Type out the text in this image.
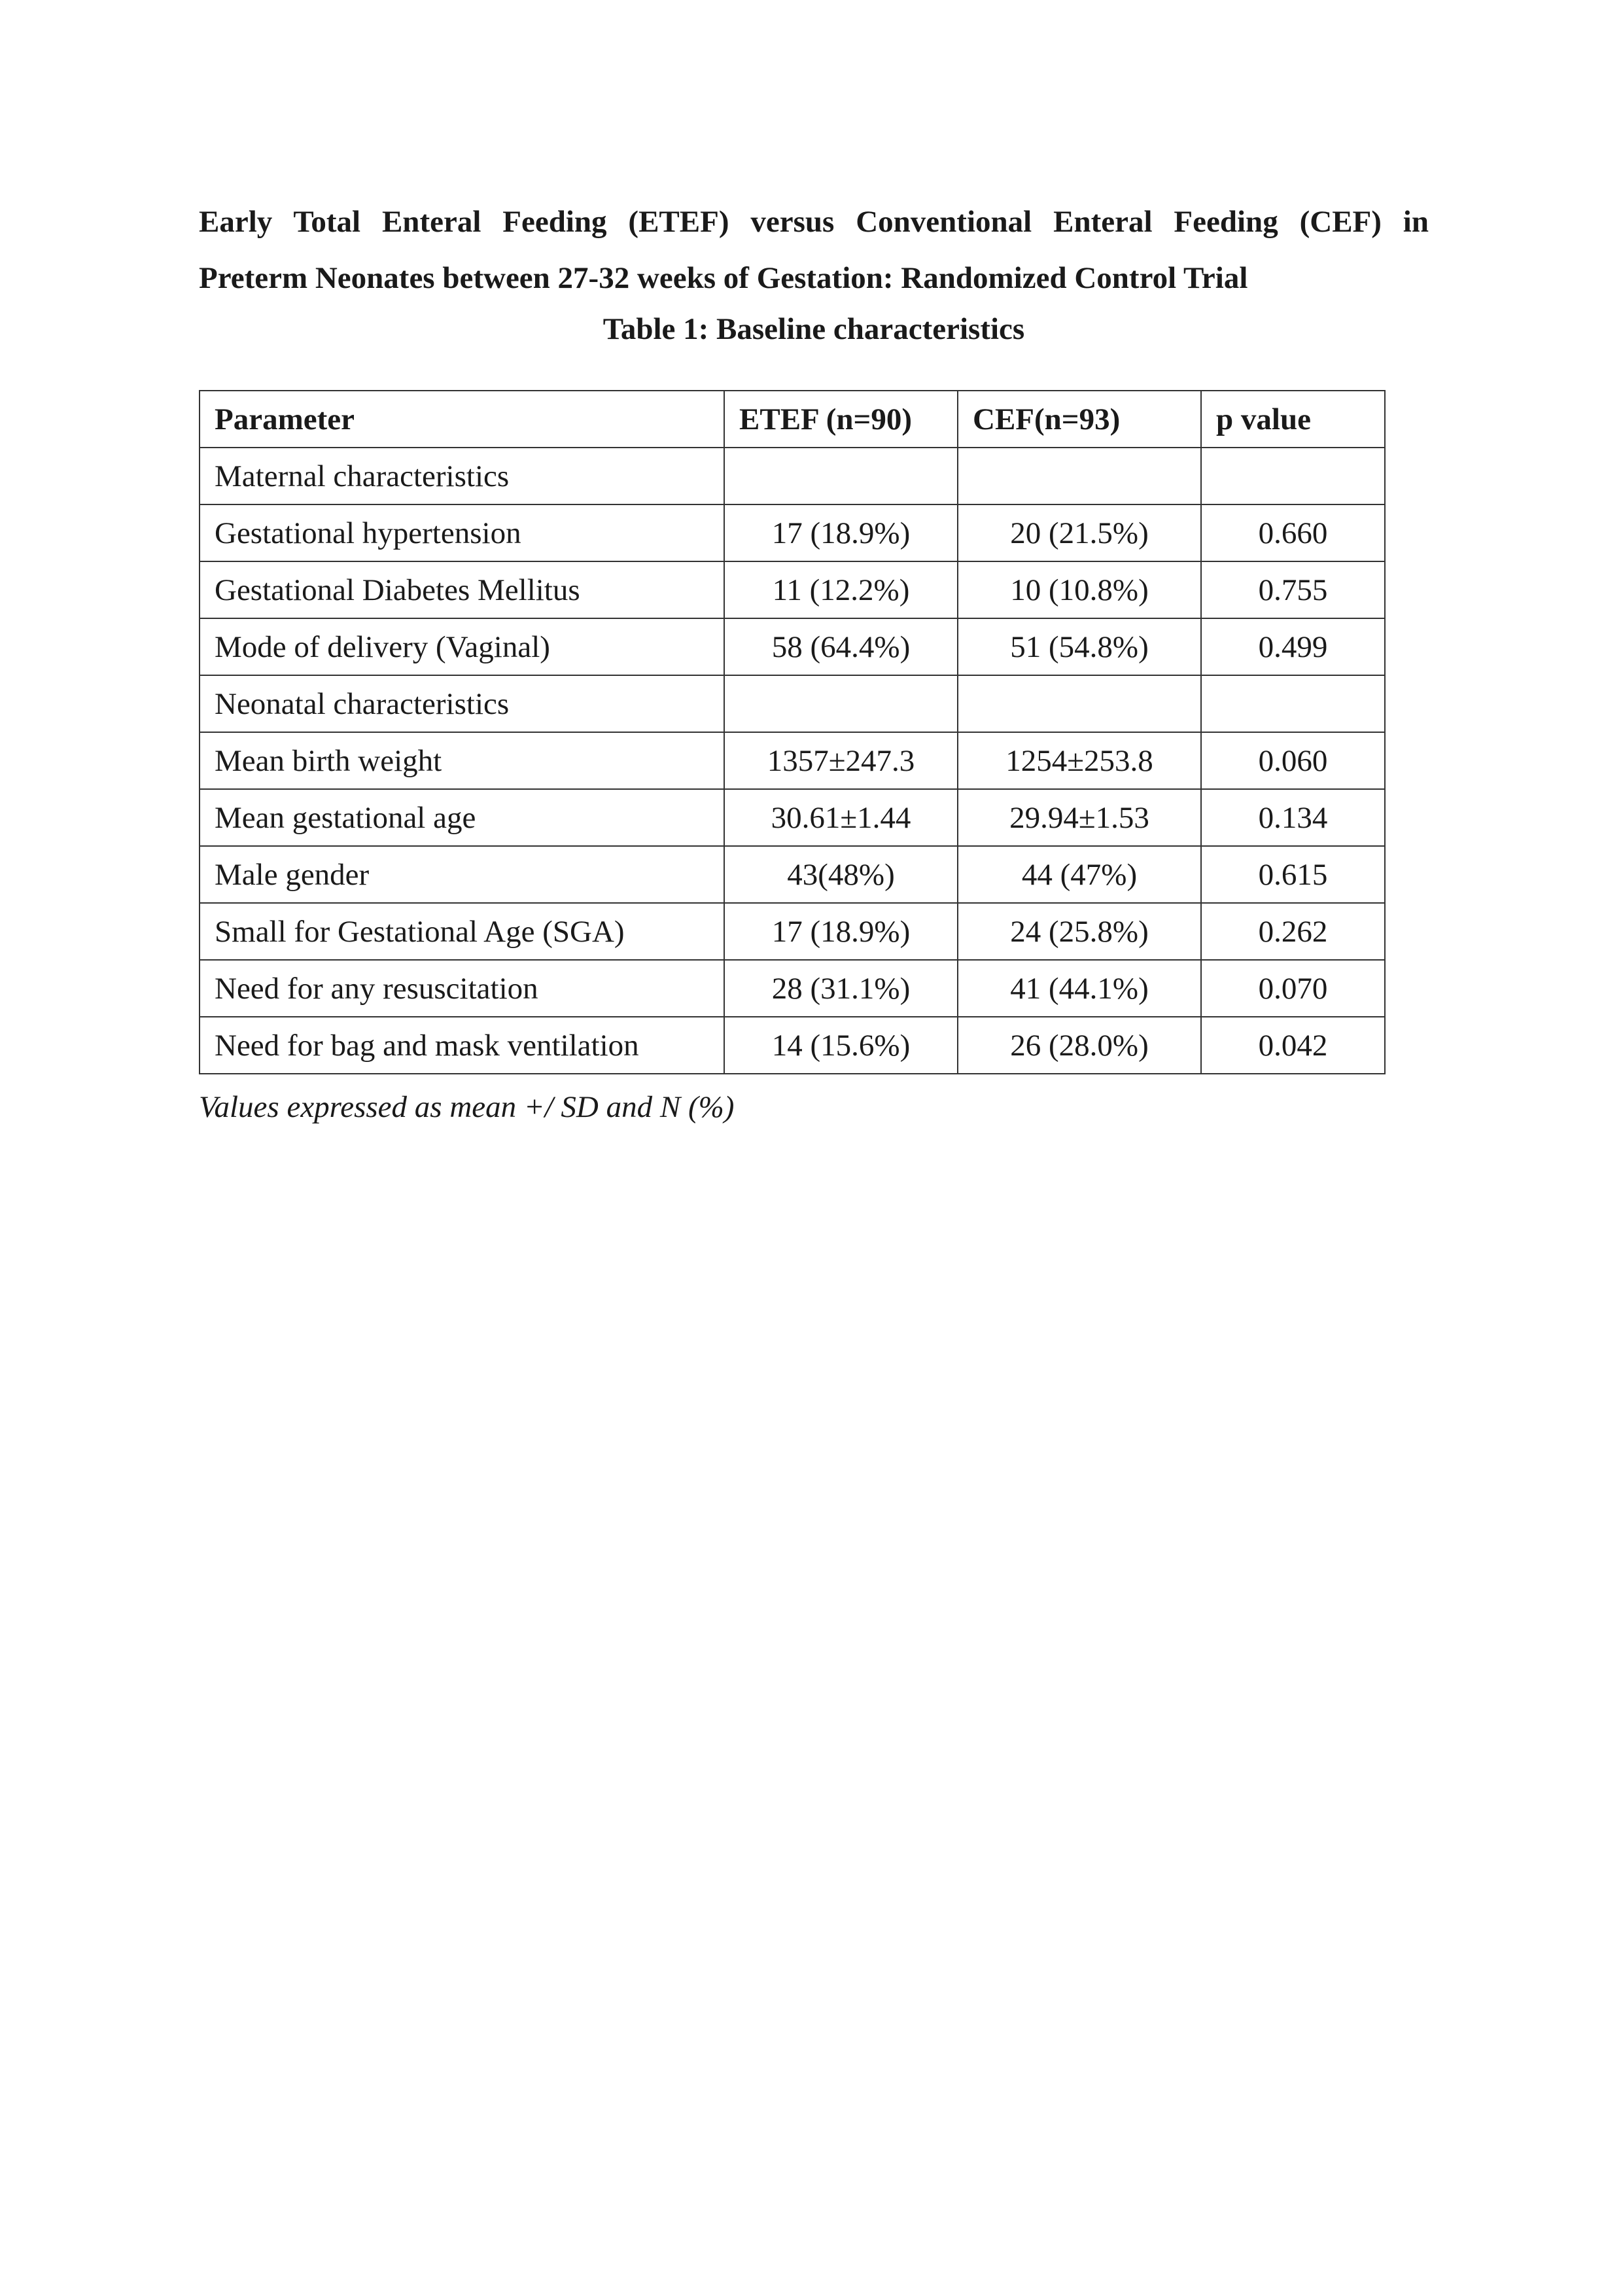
Early Total Enteral Feeding (ETEF) versus Conventional Enteral Feeding (CEF) in

Preterm Neonates between 27-32 weeks of Gestation: Randomized Control Trial

Table 1: Baseline characteristics

Parameter	ETEF (n=90)	CEF(n=93)	p value
Maternal characteristics			
Gestational hypertension	17 (18.9%)	20 (21.5%)	0.660
Gestational Diabetes Mellitus	11 (12.2%)	10 (10.8%)	0.755
Mode of delivery (Vaginal)	58 (64.4%)	51 (54.8%)	0.499
Neonatal characteristics			
Mean birth weight	1357±247.3	1254±253.8	0.060
Mean gestational age	30.61±1.44	29.94±1.53	0.134
Male gender	43(48%)	44 (47%)	0.615
Small for Gestational Age (SGA)	17 (18.9%)	24 (25.8%)	0.262
Need for any resuscitation	28 (31.1%)	41 (44.1%)	0.070
Need for bag and mask ventilation	14 (15.6%)	26 (28.0%)	0.042

Values expressed as mean +/ SD and N (%)
